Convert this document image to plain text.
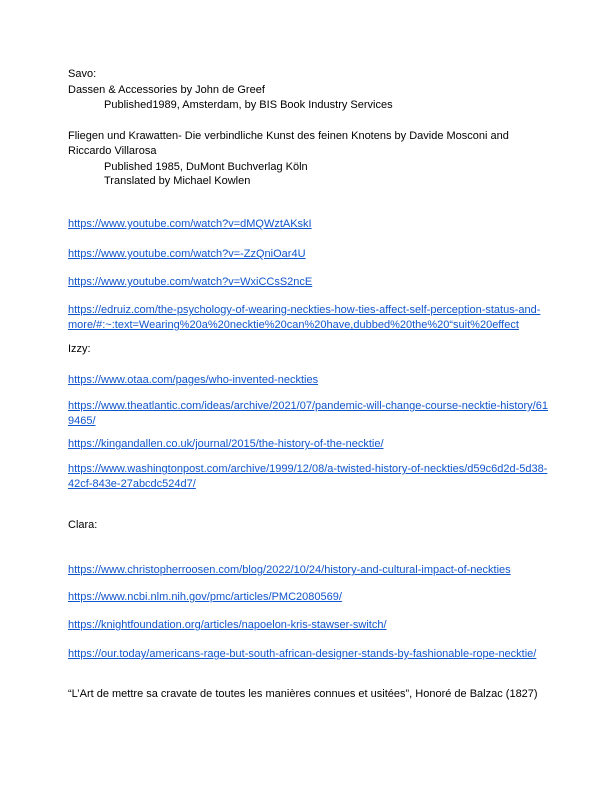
Savo:
Dassen & Accessories by John de Greef
Published1989, Amsterdam, by BIS Book Industry Services
Fliegen und Krawatten- Die verbindliche Kunst des feinen Knotens by Davide Mosconi and Riccardo Villarosa
Published 1985, DuMont Buchverlag Köln
Translated by Michael Kowlen
https://www.youtube.com/watch?v=dMQWztAKskI
https://www.youtube.com/watch?v=-ZzQniOar4U
https://www.youtube.com/watch?v=WxiCCsS2ncE
https://edruiz.com/the-psychology-of-wearing-neckties-how-ties-affect-self-perception-status-and-more/#:~:text=Wearing%20a%20necktie%20can%20have,dubbed%20the%20“suit%20effect
Izzy:
https://www.otaa.com/pages/who-invented-neckties
https://www.theatlantic.com/ideas/archive/2021/07/pandemic-will-change-course-necktie-history/619465/
https://kingandallen.co.uk/journal/2015/the-history-of-the-necktie/
https://www.washingtonpost.com/archive/1999/12/08/a-twisted-history-of-neckties/d59c6d2d-5d38-42cf-843e-27abcdc524d7/
Clara:
https://www.christopherroosen.com/blog/2022/10/24/history-and-cultural-impact-of-neckties
https://www.ncbi.nlm.nih.gov/pmc/articles/PMC2080569/
https://knightfoundation.org/articles/napoelon-kris-stawser-switch/
https://our.today/americans-rage-but-south-african-designer-stands-by-fashionable-rope-necktie/
“L’Art de mettre sa cravate de toutes les manières connues et usitées”, Honoré de Balzac (1827)
